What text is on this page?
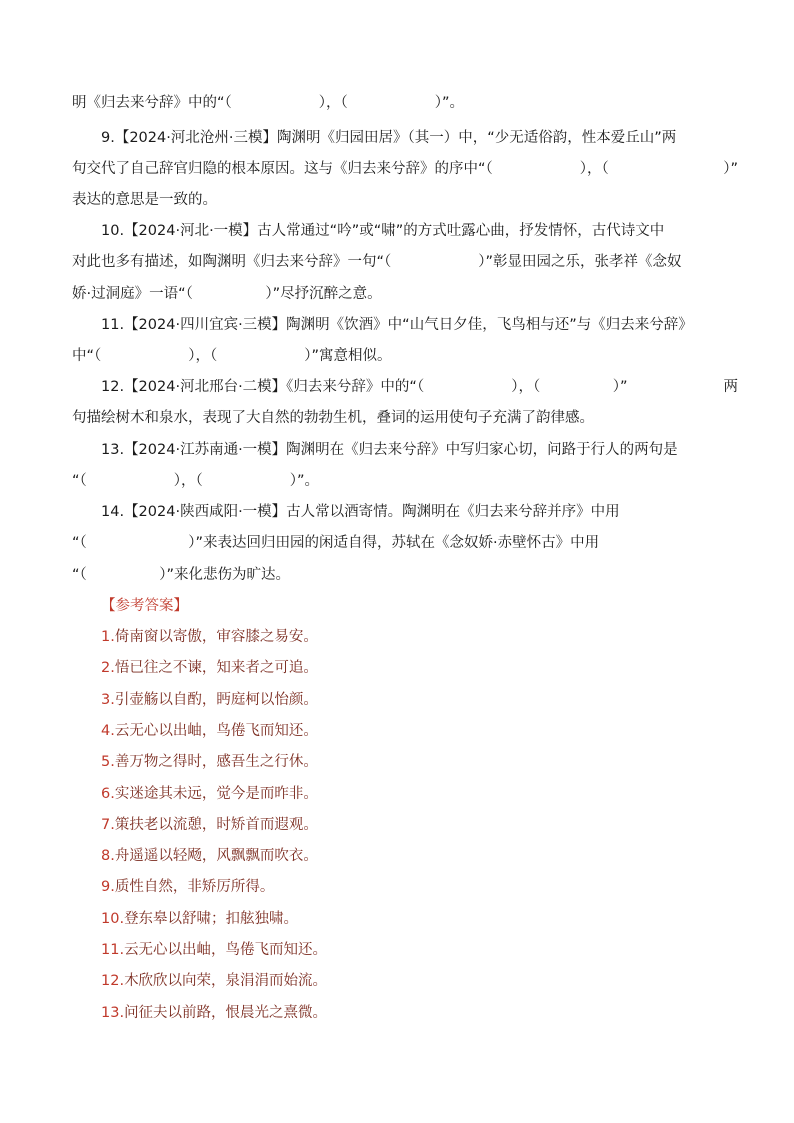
明《归去来兮辞》中的“（　　　　　　），（　　　　　　）”。
9.【2024·河北沧州·三模】陶渊明《归园田居》（其一）中，“少无适俗韵，性本爱丘山”两
句交代了自己辞官归隐的根本原因。这与《归去来兮辞》的序中“（　　　　　　），（	　　　　）”
表达的意思是一致的。
10.【2024·河北·一模】古人常通过“吟”或“啸”的方式吐露心曲，抒发情怀，古代诗文中
对此也多有描述，如陶渊明《归去来兮辞》一句“（　　　　　　）”彰显田园之乐，张孝祥《念奴
娇·过洞庭》一语“（　　　　　）”尽抒沉醉之意。
11.【2024·四川宜宾·三模】陶渊明《饮酒》中“山气日夕佳，飞鸟相与还”与《归去来兮辞》
中“（　　　　　　），（　　　　　　）”寓意相似。
12.【2024·河北邢台·二模】《归去来兮辞》中的“（　　　　　　），（　　　　　）”	两
句描绘树木和泉水，表现了大自然的勃勃生机，叠词的运用使句子充满了韵律感。
13.【2024·江苏南通·一模】陶渊明在《归去来兮辞》中写归家心切，问路于行人的两句是
“（　　　　　　），（　　　　　　）”。
14.【2024·陕西咸阳·一模】古人常以酒寄情。陶渊明在《归去来兮辞并序》中用
“（　　　　　　　）”来表达回归田园的闲适自得，苏轼在《念奴娇·赤壁怀古》中用
“（　　　　　）”来化悲伤为旷达。
【参考答案】
1.倚南窗以寄傲，审容膝之易安。
2.悟已往之不谏，知来者之可追。
3.引壶觞以自酌，眄庭柯以怡颜。
4.云无心以出岫，鸟倦飞而知还。
5.善万物之得时，感吾生之行休。
6.实迷途其未远，觉今是而昨非。
7.策扶老以流憩，时矫首而遐观。
8.舟遥遥以轻飏，风飘飘而吹衣。
9.质性自然，非矫厉所得。
10.登东皋以舒啸；扣舷独啸。
11.云无心以出岫，鸟倦飞而知还。
12.木欣欣以向荣，泉涓涓而始流。
13.问征夫以前路，恨晨光之熹微。
